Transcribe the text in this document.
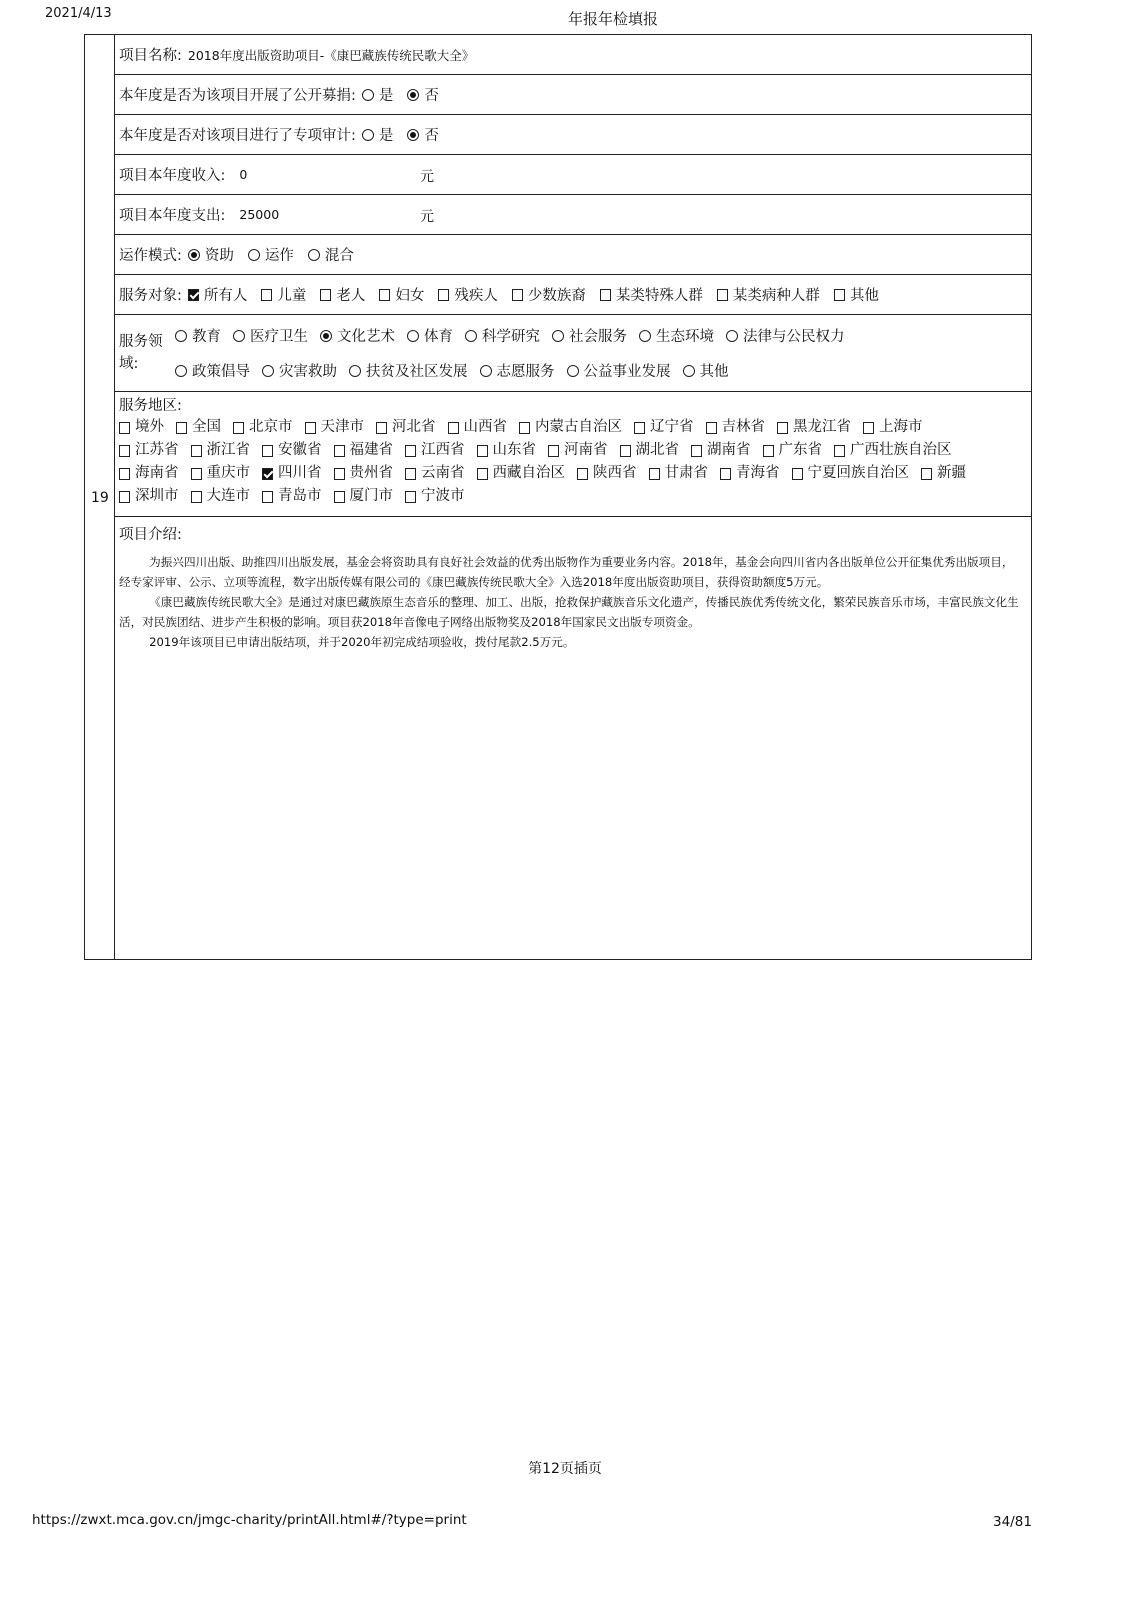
2021/4/13	年报年检填报
19
项目名称: 2018年度出版资助项目-《康巴藏族传统民歌大全》
本年度是否为该项目开展了公开募捐: 是 否
本年度是否对该项目进行了专项审计: 是 否
项目本年度收入: 0	元
项目本年度支出: 25000	元
运作模式: 资助 运作 混合
服务对象: 所有人 儿童 老人 妇女 残疾人 少数族裔 某类特殊人群 某类病种人群 其他
服务领域:
教育 医疗卫生 文化艺术 体育 科学研究 社会服务 生态环境 法律与公民权力
政策倡导 灾害救助 扶贫及社区发展 志愿服务 公益事业发展 其他
服务地区:
境外 全国 北京市 天津市 河北省 山西省 内蒙古自治区 辽宁省 吉林省 黑龙江省 上海市
江苏省 浙江省 安徽省 福建省 江西省 山东省 河南省 湖北省 湖南省 广东省 广西壮族自治区
海南省 重庆市 四川省 贵州省 云南省 西藏自治区 陕西省 甘肃省 青海省 宁夏回族自治区 新疆
深圳市 大连市 青岛市 厦门市 宁波市
项目介绍:

为振兴四川出版、助推四川出版发展，基金会将资助具有良好社会效益的优秀出版物作为重要业务内容。2018年，基金会向四川省内各出版单位公开征集优秀出版项目，经专家评审、公示、立项等流程，数字出版传媒有限公司的《康巴藏族传统民歌大全》入选2018年度出版资助项目，获得资助额度5万元。

《康巴藏族传统民歌大全》是通过对康巴藏族原生态音乐的整理、加工、出版，抢救保护藏族音乐文化遗产，传播民族优秀传统文化，繁荣民族音乐市场，丰富民族文化生活，对民族团结、进步产生积极的影响。项目获2018年音像电子网络出版物奖及2018年国家民文出版专项资金。

2019年该项目已申请出版结项，并于2020年初完成结项验收，拨付尾款2.5万元。

第12页插页
https://zwxt.mca.gov.cn/jmgc-charity/printAll.html#/?type=print	34/81
